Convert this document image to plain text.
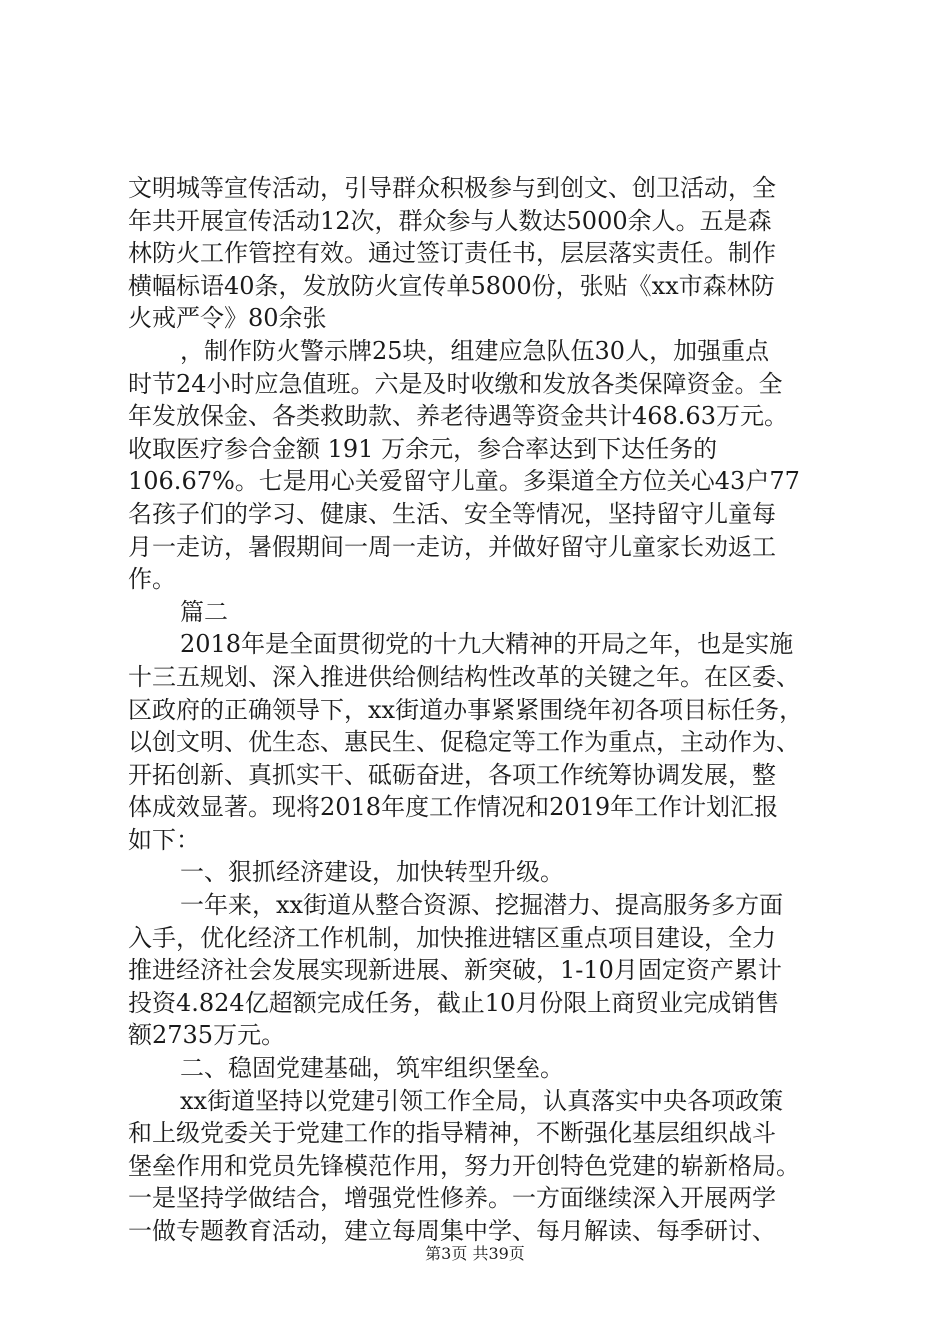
文明城等宣传活动，引导群众积极参与到创文、创卫活动，全
年共开展宣传活动12次，群众参与人数达5000余人。五是森
林防火工作管控有效。通过签订责任书，层层落实责任。制作
横幅标语40条，发放防火宣传单5800份，张贴《xx市森林防
火戒严令》80余张
，制作防火警示牌25块，组建应急队伍30人，加强重点
时节24小时应急值班。六是及时收缴和发放各类保障资金。全
年发放保金、各类救助款、养老待遇等资金共计468.63万元。
收取医疗参合金额 191 万余元，参合率达到下达任务的
106.67%。七是用心关爱留守儿童。多渠道全方位关心43户77
名孩子们的学习、健康、生活、安全等情况，坚持留守儿童每
月一走访，暑假期间一周一走访，并做好留守儿童家长劝返工
作。
篇二
2018年是全面贯彻党的十九大精神的开局之年，也是实施
十三五规划、深入推进供给侧结构性改革的关键之年。在区委、
区政府的正确领导下，xx街道办事紧紧围绕年初各项目标任务，
以创文明、优生态、惠民生、促稳定等工作为重点，主动作为、
开拓创新、真抓实干、砥砺奋进，各项工作统筹协调发展，整
体成效显著。现将2018年度工作情况和2019年工作计划汇报
如下：
一、狠抓经济建设，加快转型升级。
一年来，xx街道从整合资源、挖掘潜力、提高服务多方面
入手，优化经济工作机制，加快推进辖区重点项目建设，全力
推进经济社会发展实现新进展、新突破，1-10月固定资产累计
投资4.824亿超额完成任务，截止10月份限上商贸业完成销售
额2735万元。
二、稳固党建基础，筑牢组织堡垒。
xx街道坚持以党建引领工作全局，认真落实中央各项政策
和上级党委关于党建工作的指导精神，不断强化基层组织战斗
堡垒作用和党员先锋模范作用，努力开创特色党建的崭新格局。
一是坚持学做结合，增强党性修养。一方面继续深入开展两学
一做专题教育活动，建立每周集中学、每月解读、每季研讨、
第3页 共39页
